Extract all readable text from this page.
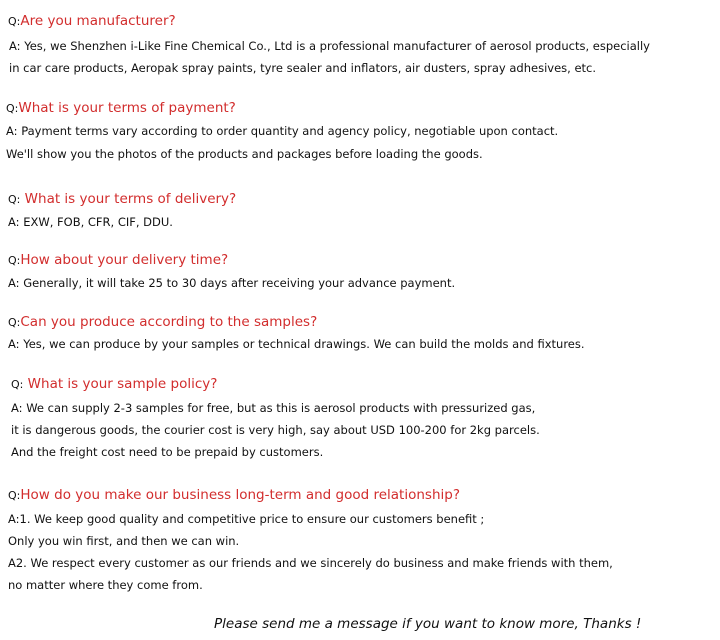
Q:Are you manufacturer?
A: Yes, we Shenzhen i-Like Fine Chemical Co., Ltd is a professional manufacturer of aerosol products, especially
in car care products, Aeropak spray paints, tyre sealer and inflators, air dusters, spray adhesives, etc.
Q:What is your terms of payment?
A: Payment terms vary according to order quantity and agency policy, negotiable upon contact.
We'll show you the photos of the products and packages before loading the goods.
Q: What is your terms of delivery?
A: EXW, FOB, CFR, CIF, DDU.
Q:How about your delivery time?
A: Generally, it will take 25 to 30 days after receiving your advance payment.
Q:Can you produce according to the samples?
A: Yes, we can produce by your samples or technical drawings. We can build the molds and fixtures.
Q: What is your sample policy?
A: We can supply 2-3 samples for free, but as this is aerosol products with pressurized gas,
it is dangerous goods, the courier cost is very high, say about USD 100-200 for 2kg parcels.
And the freight cost need to be prepaid by customers.
Q:How do you make our business long-term and good relationship?
A:1. We keep good quality and competitive price to ensure our customers benefit ;
Only you win first, and then we can win.
A2. We respect every customer as our friends and we sincerely do business and make friends with them,
no matter where they come from.
Please send me a message if you want to know more, Thanks !
